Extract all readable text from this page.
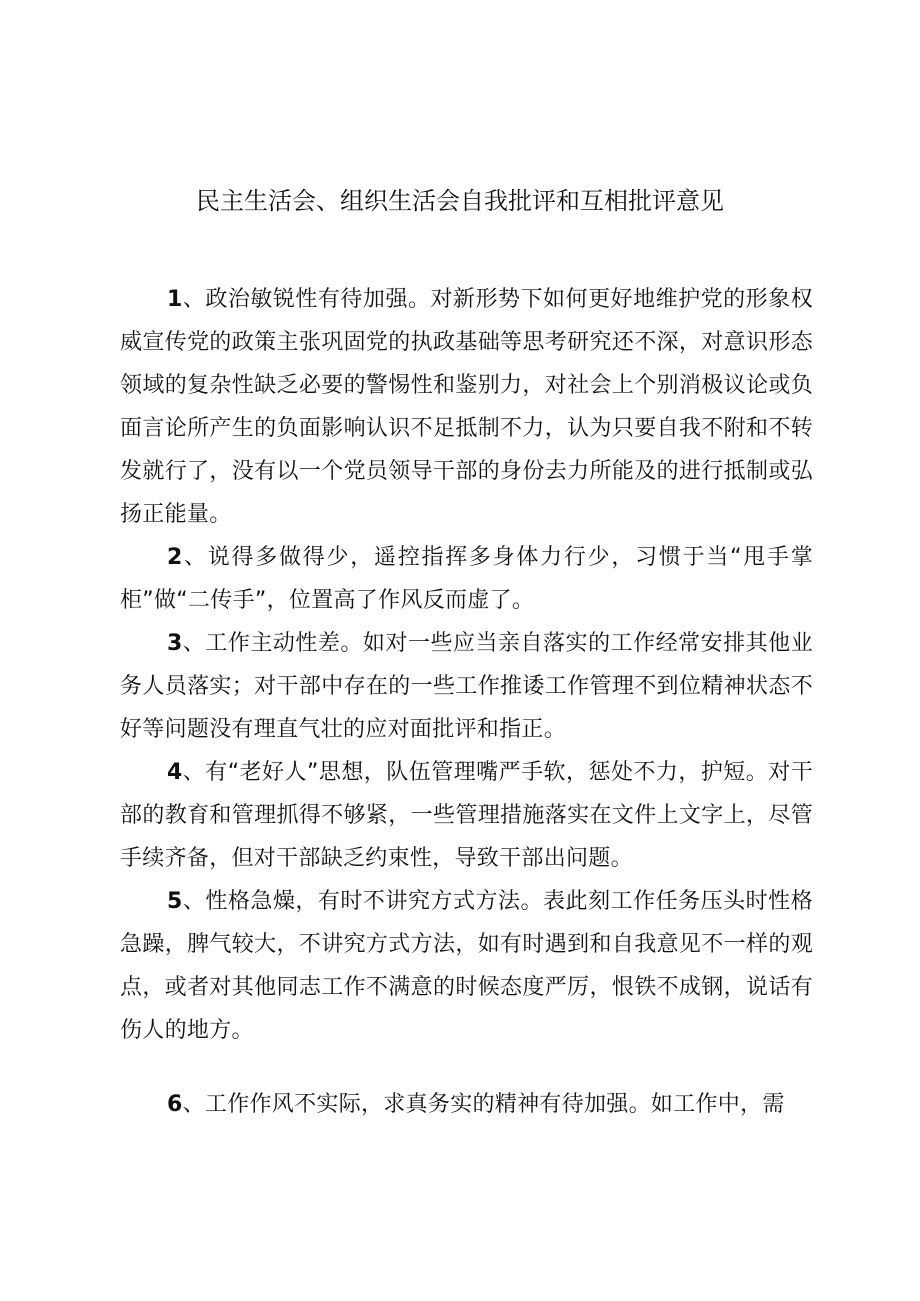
民主生活会、组织生活会自我批评和互相批评意见

1、政治敏锐性有待加强。对新形势下如何更好地维护党的形象权威宣传党的政策主张巩固党的执政基础等思考研究还不深，对意识形态领域的复杂性缺乏必要的警惕性和鉴别力，对社会上个别消极议论或负面言论所产生的负面影响认识不足抵制不力，认为只要自我不附和不转发就行了，没有以一个党员领导干部的身份去力所能及的进行抵制或弘扬正能量。

2、说得多做得少，遥控指挥多身体力行少，习惯于当“甩手掌柜”做“二传手”，位置高了作风反而虚了。

3、工作主动性差。如对一些应当亲自落实的工作经常安排其他业务人员落实；对干部中存在的一些工作推诿工作管理不到位精神状态不好等问题没有理直气壮的应对面批评和指正。

4、有“老好人”思想，队伍管理嘴严手软，惩处不力，护短。对干部的教育和管理抓得不够紧，一些管理措施落实在文件上文字上，尽管手续齐备，但对干部缺乏约束性，导致干部出问题。

5、性格急燥，有时不讲究方式方法。表此刻工作任务压头时性格急躁，脾气较大，不讲究方式方法，如有时遇到和自我意见不一样的观点，或者对其他同志工作不满意的时候态度严厉，恨铁不成钢，说话有伤人的地方。

6、工作作风不实际，求真务实的精神有待加强。如工作中，需
